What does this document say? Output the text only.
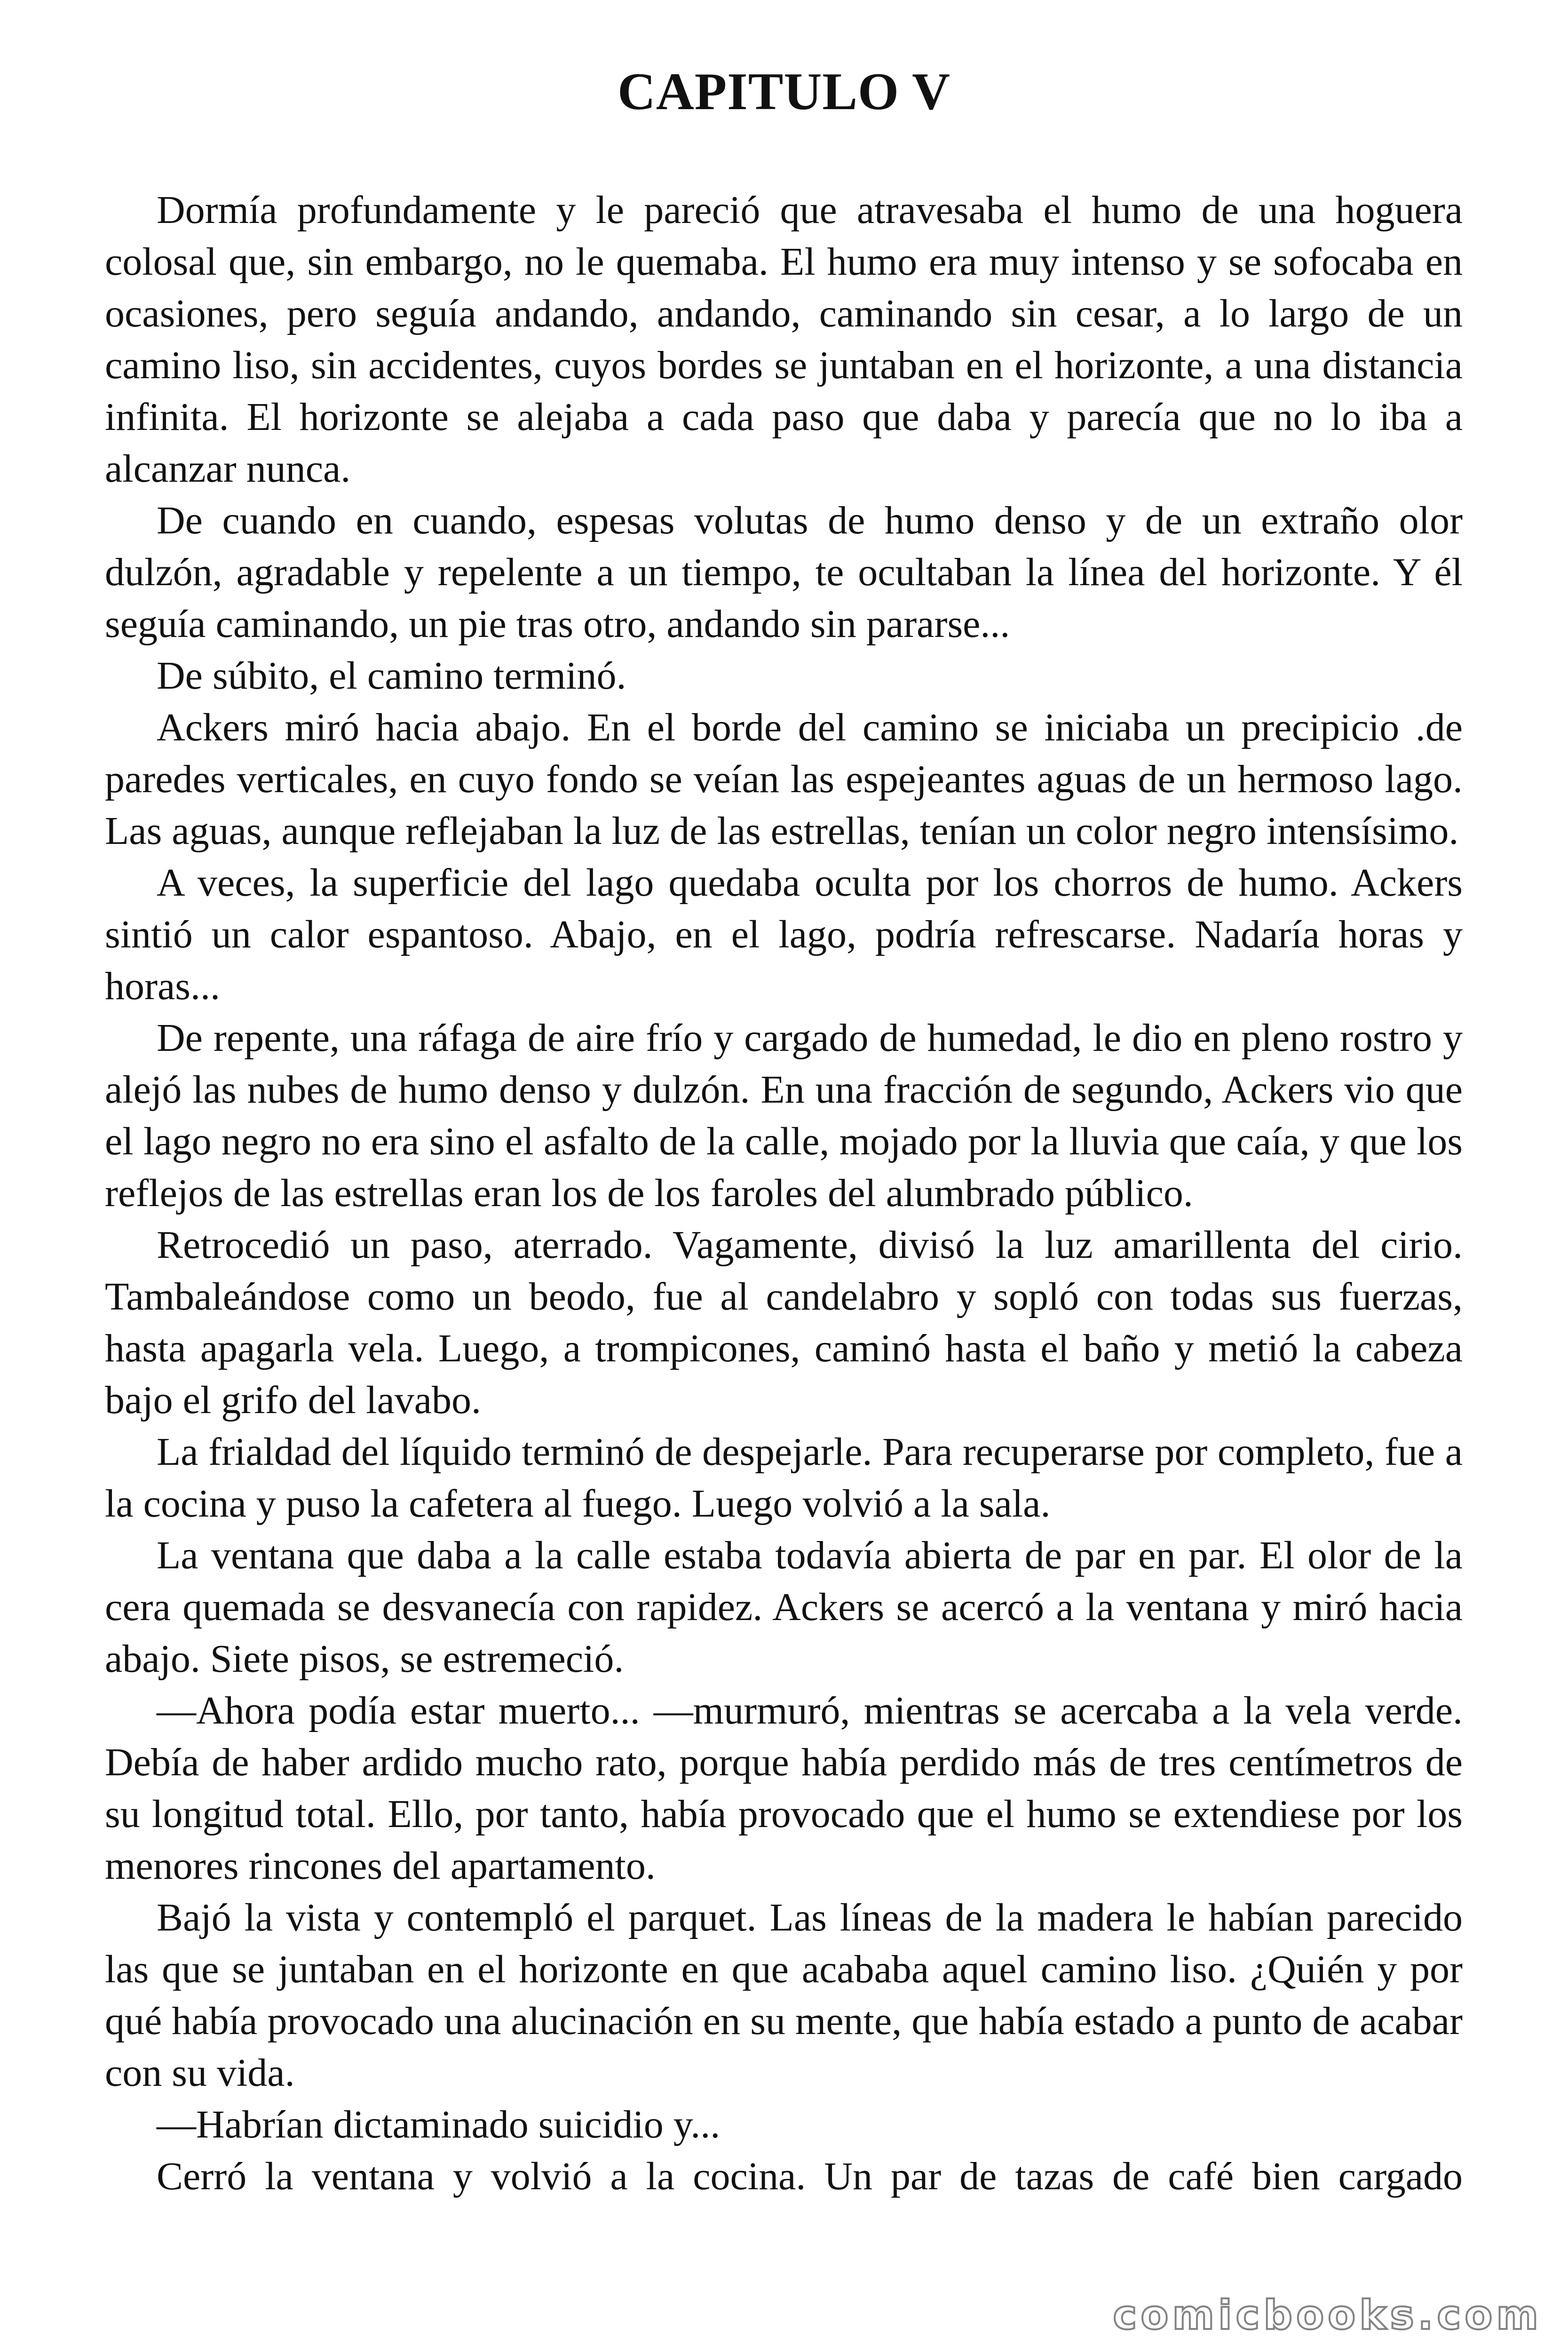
CAPITULO V

Dormía profundamente y le pareció que atravesaba el humo de una hoguera colosal que, sin embargo, no le quemaba. El humo era muy intenso y se sofocaba en ocasiones, pero seguía andando, andando, caminando sin cesar, a lo largo de un camino liso, sin accidentes, cuyos bordes se juntaban en el horizonte, a una distancia infinita. El horizonte se alejaba a cada paso que daba y parecía que no lo iba a alcanzar nunca.

De cuando en cuando, espesas volutas de humo denso y de un extraño olor dulzón, agradable y repelente a un tiempo, te ocultaban la línea del horizonte. Y él seguía caminando, un pie tras otro, andando sin pararse...

De súbito, el camino terminó.

Ackers miró hacia abajo. En el borde del camino se iniciaba un precipicio .de paredes verticales, en cuyo fondo se veían las espejeantes aguas de un hermoso lago. Las aguas, aunque reflejaban la luz de las estrellas, tenían un color negro intensísimo.

A veces, la superficie del lago quedaba oculta por los chorros de humo. Ackers sintió un calor espantoso. Abajo, en el lago, podría refrescarse. Nadaría horas y horas...

De repente, una ráfaga de aire frío y cargado de humedad, le dio en pleno rostro y alejó las nubes de humo denso y dulzón. En una fracción de segundo, Ackers vio que el lago negro no era sino el asfalto de la calle, mojado por la lluvia que caía, y que los reflejos de las estrellas eran los de los faroles del alumbrado público.

Retrocedió un paso, aterrado. Vagamente, divisó la luz amarillenta del cirio. Tambaleándose como un beodo, fue al candelabro y sopló con todas sus fuerzas, hasta apagarla vela. Luego, a trompicones, caminó hasta el baño y metió la cabeza bajo el grifo del lavabo.

La frialdad del líquido terminó de despejarle. Para recuperarse por completo, fue a la cocina y puso la cafetera al fuego. Luego volvió a la sala.

La ventana que daba a la calle estaba todavía abierta de par en par. El olor de la cera quemada se desvanecía con rapidez. Ackers se acercó a la ventana y miró hacia abajo. Siete pisos, se estremeció.

—Ahora podía estar muerto... —murmuró, mientras se acercaba a la vela verde. Debía de haber ardido mucho rato, porque había perdido más de tres centímetros de su longitud total. Ello, por tanto, había provocado que el humo se extendiese por los menores rincones del apartamento.

Bajó la vista y contempló el parquet. Las líneas de la madera le habían parecido las que se juntaban en el horizonte en que acababa aquel camino liso. ¿Quién y por qué había provocado una alucinación en su mente, que había estado a punto de acabar con su vida.

—Habrían dictaminado suicidio y...

Cerró la ventana y volvió a la cocina. Un par de tazas de café bien cargado

comicbooks.com
